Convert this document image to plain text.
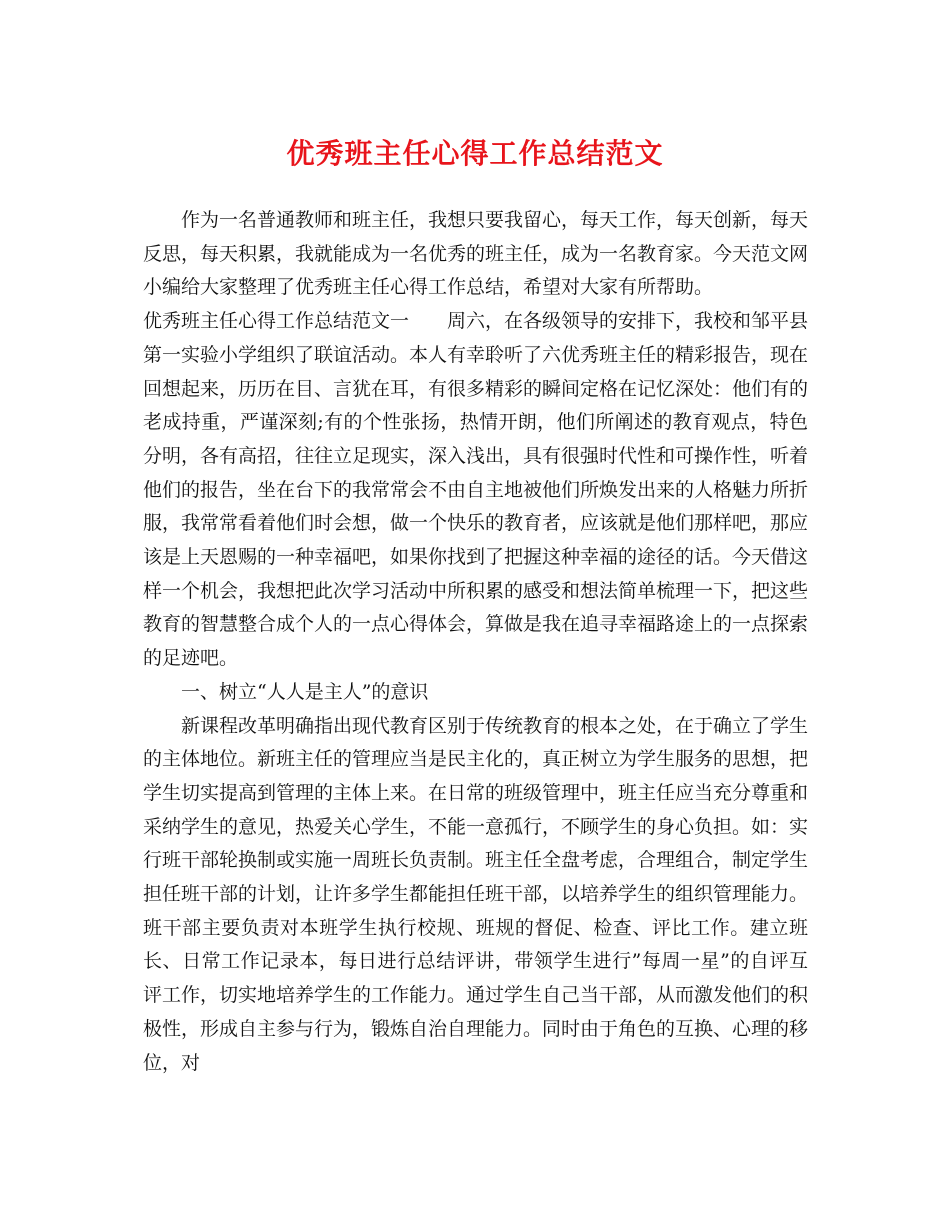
优秀班主任心得工作总结范文

作为一名普通教师和班主任，我想只要我留心，每天工作，每天创新，每天反思，每天积累，我就能成为一名优秀的班主任，成为一名教育家。今天范文网小编给大家整理了优秀班主任心得工作总结，希望对大家有所帮助。

优秀班主任心得工作总结范文一　　周六，在各级领导的安排下，我校和邹平县第一实验小学组织了联谊活动。本人有幸聆听了六优秀班主任的精彩报告，现在回想起来，历历在目、言犹在耳，有很多精彩的瞬间定格在记忆深处：他们有的老成持重，严谨深刻;有的个性张扬，热情开朗，他们所阐述的教育观点，特色分明，各有高招，往往立足现实，深入浅出，具有很强时代性和可操作性，听着他们的报告，坐在台下的我常常会不由自主地被他们所焕发出来的人格魅力所折服，我常常看着他们时会想，做一个快乐的教育者，应该就是他们那样吧，那应该是上天恩赐的一种幸福吧，如果你找到了把握这种幸福的途径的话。今天借这样一个机会，我想把此次学习活动中所积累的感受和想法简单梳理一下，把这些教育的智慧整合成个人的一点心得体会，算做是我在追寻幸福路途上的一点探索的足迹吧。

一、树立“人人是主人”的意识

新课程改革明确指出现代教育区别于传统教育的根本之处，在于确立了学生的主体地位。新班主任的管理应当是民主化的，真正树立为学生服务的思想，把学生切实提高到管理的主体上来。在日常的班级管理中，班主任应当充分尊重和采纳学生的意见，热爱关心学生，不能一意孤行，不顾学生的身心负担。如：实行班干部轮换制或实施一周班长负责制。班主任全盘考虑，合理组合，制定学生担任班干部的计划，让许多学生都能担任班干部，以培养学生的组织管理能力。班干部主要负责对本班学生执行校规、班规的督促、检查、评比工作。建立班长、日常工作记录本，每日进行总结评讲，带领学生进行”每周一星”的自评互评工作，切实地培养学生的工作能力。通过学生自己当干部，从而激发他们的积极性，形成自主参与行为，锻炼自治自理能力。同时由于角色的互换、心理的移位，对
